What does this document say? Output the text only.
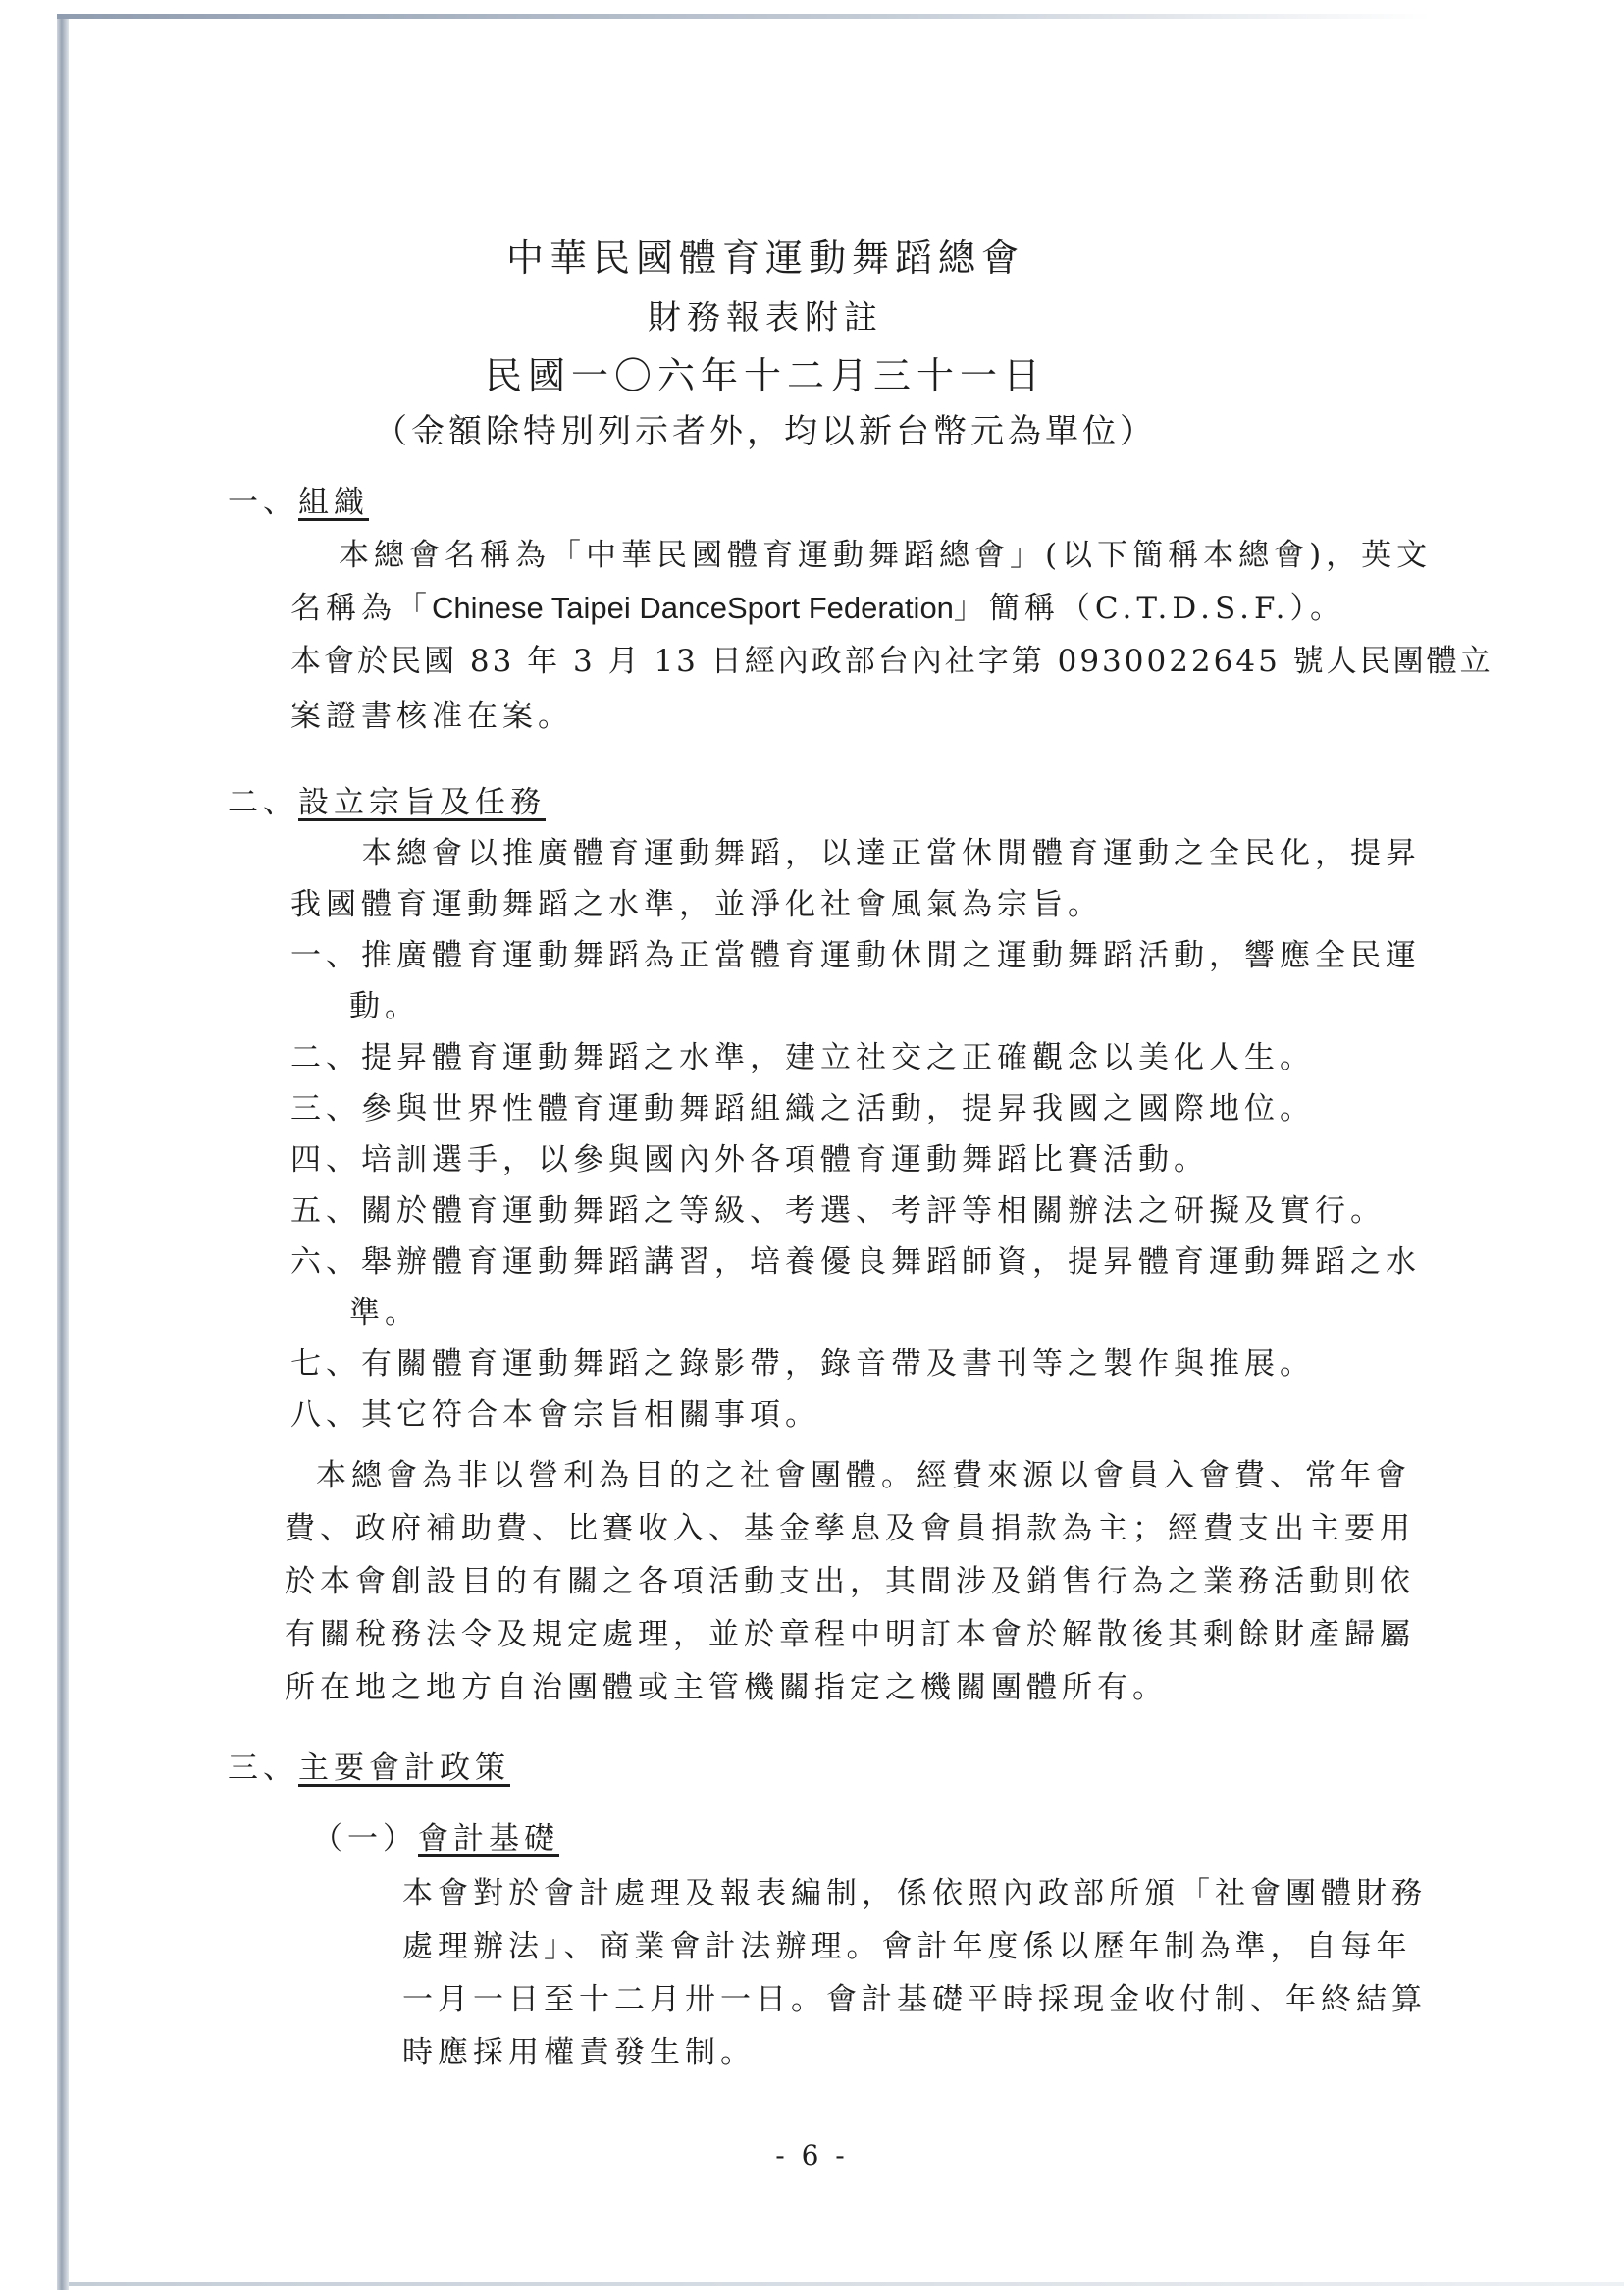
中華民國體育運動舞蹈總會
財務報表附註
民國一〇六年十二月三十一日
（金額除特別列示者外，均以新台幣元為單位）
一、組織
本總會名稱為「中華民國體育運動舞蹈總會」(以下簡稱本總會)，英文
名稱為「Chinese Taipei DanceSport Federation」簡稱（C.T.D.S.F.）。
本會於民國 83 年 3 月 13 日經內政部台內社字第 0930022645 號人民團體立
案證書核准在案。
二、設立宗旨及任務
本總會以推廣體育運動舞蹈，以達正當休閒體育運動之全民化，提昇
我國體育運動舞蹈之水準，並淨化社會風氣為宗旨。
一、推廣體育運動舞蹈為正當體育運動休閒之運動舞蹈活動，響應全民運
動。
二、提昇體育運動舞蹈之水準，建立社交之正確觀念以美化人生。
三、參與世界性體育運動舞蹈組織之活動，提昇我國之國際地位。
四、培訓選手，以參與國內外各項體育運動舞蹈比賽活動。
五、關於體育運動舞蹈之等級、考選、考評等相關辦法之研擬及實行。
六、舉辦體育運動舞蹈講習，培養優良舞蹈師資，提昇體育運動舞蹈之水
準。
七、有關體育運動舞蹈之錄影帶，錄音帶及書刊等之製作與推展。
八、其它符合本會宗旨相關事項。
本總會為非以營利為目的之社會團體。經費來源以會員入會費、常年會
費、政府補助費、比賽收入、基金孳息及會員捐款為主；經費支出主要用
於本會創設目的有關之各項活動支出，其間涉及銷售行為之業務活動則依
有關稅務法令及規定處理，並於章程中明訂本會於解散後其剩餘財產歸屬
所在地之地方自治團體或主管機關指定之機關團體所有。
三、主要會計政策
（一）會計基礎
本會對於會計處理及報表編制，係依照內政部所頒「社會團體財務
處理辦法」、商業會計法辦理。會計年度係以歷年制為準，自每年
一月一日至十二月卅一日。會計基礎平時採現金收付制、年終結算
時應採用權責發生制。
- 6 -
